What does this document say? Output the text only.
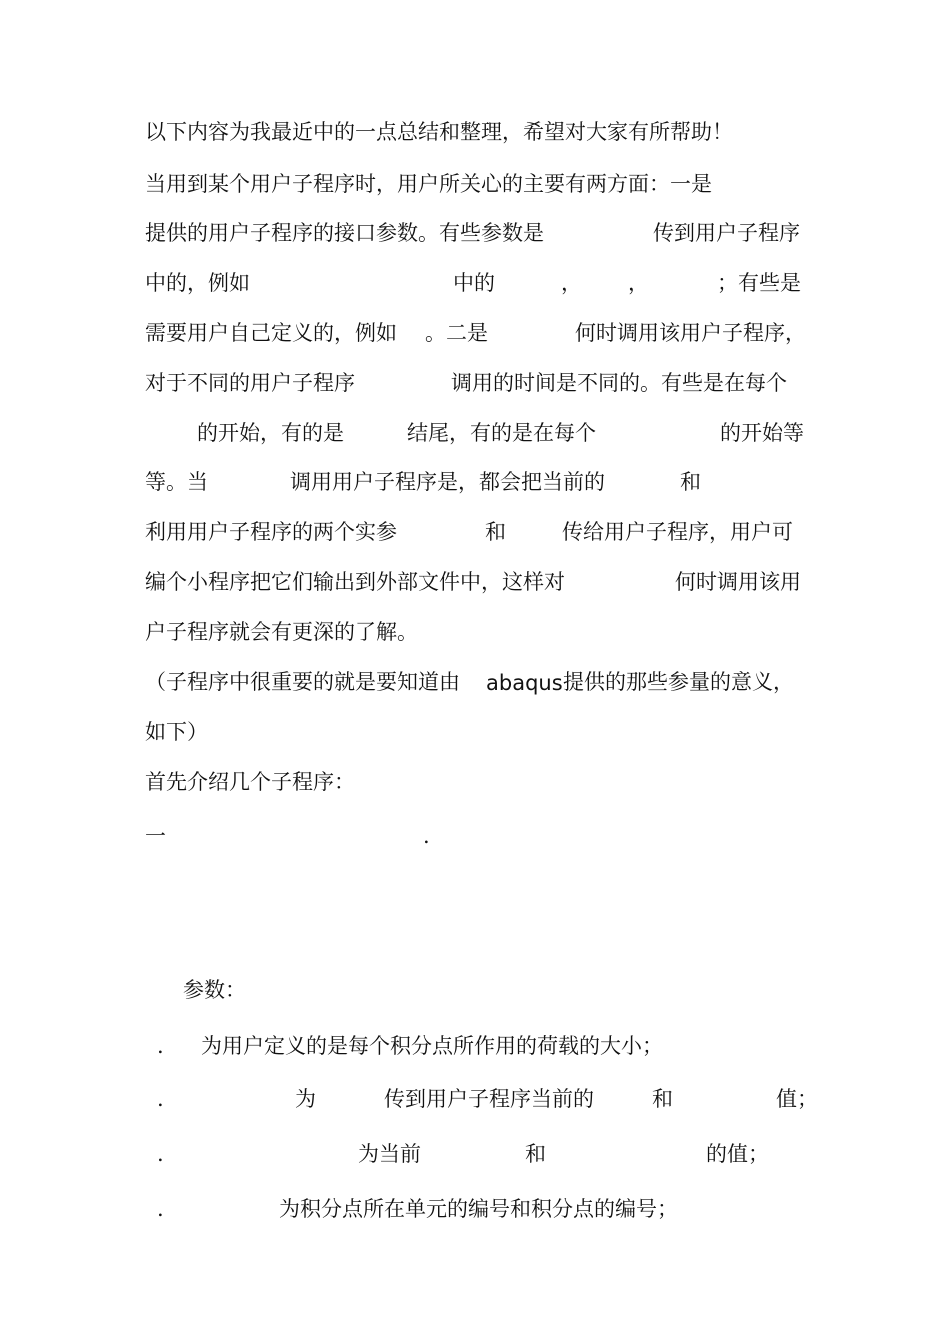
以下内容为我最近中的一点总结和整理，希望对大家有所帮助！
当用到某个用户子程序时，用户所关心的主要有两方面：一是
提供的用户子程序的接口参数。有些参数是	传到用户子程序
中的，例如	中的	， ，	；有些是
需要用户自己定义的，例如 。二是	何时调用该用户子程序，
对于不同的用户子程序	调用的时间是不同的。有些是在每个
的开始，有的是	结尾，有的是在每个	的开始等
等。当	调用用户子程序是，都会把当前的	和
利用用户子程序的两个实参	和	传给用户子程序，用户可
编个小程序把它们输出到外部文件中，这样对	何时调用该用
户子程序就会有更深的了解。
（子程序中很重要的就是要知道由 abaqus 提供的那些参量的意义，
如下）
首先介绍几个子程序：
一	.
参数：
. 为用户定义的是每个积分点所作用的荷载的大小；
.	为	传到用户子程序当前的	和	值；
.	为当前	和	的值；
.	为积分点所在单元的编号和积分点的编号；
